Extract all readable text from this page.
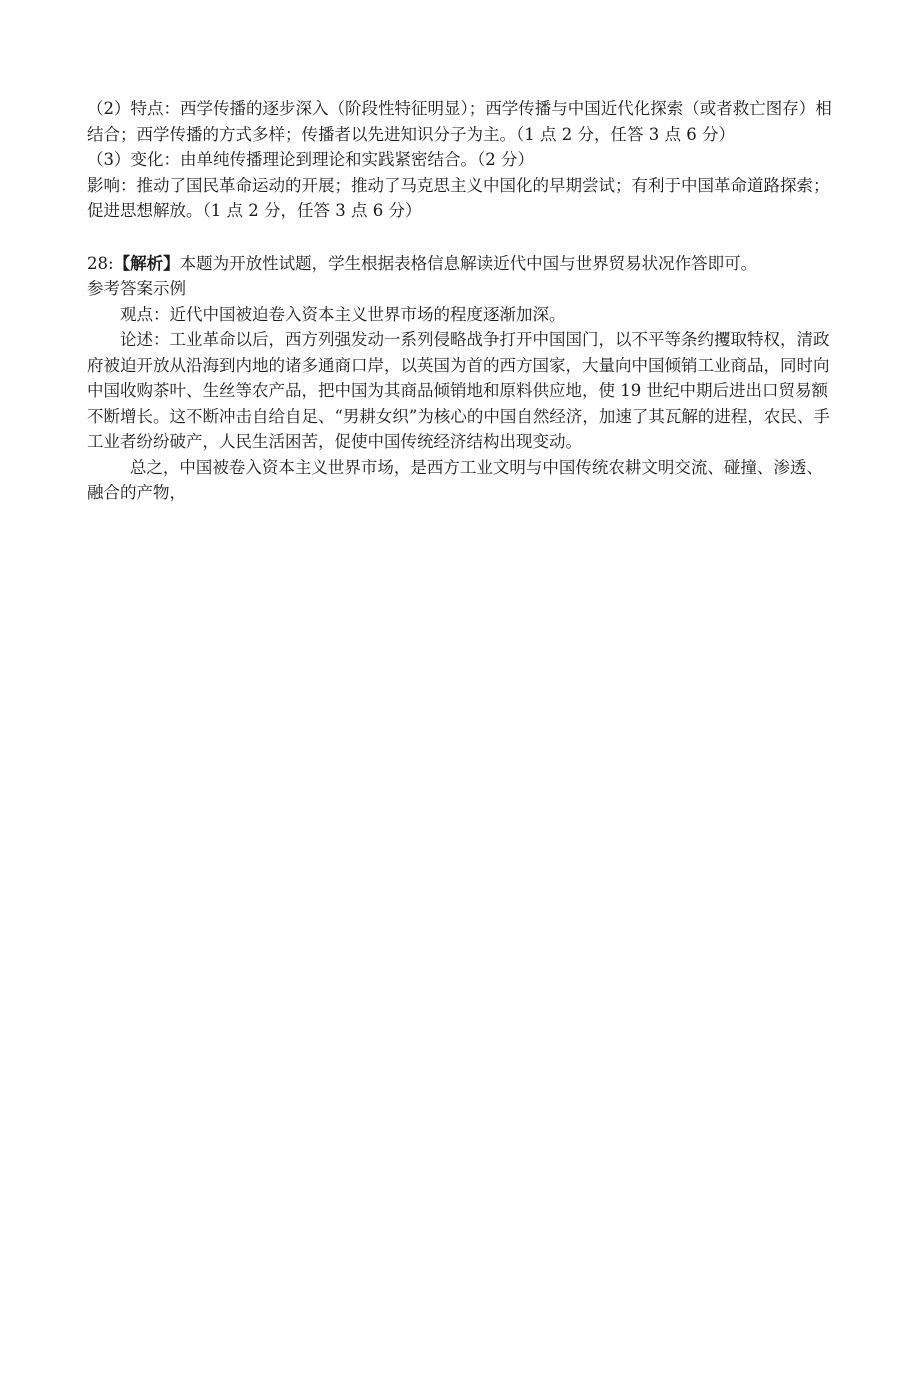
（2）特点：西学传播的逐步深入（阶段性特征明显）；西学传播与中国近代化探索（或者救亡图存）相结合；西学传播的方式多样；传播者以先进知识分子为主。（1 点 2 分，任答 3 点 6 分）

（3）变化：由单纯传播理论到理论和实践紧密结合。（2 分）

影响：推动了国民革命运动的开展；推动了马克思主义中国化的早期尝试；有利于中国革命道路探索；促进思想解放。（1 点 2 分，任答 3 点 6 分）

28:【解析】本题为开放性试题，学生根据表格信息解读近代中国与世界贸易状况作答即可。

参考答案示例

观点：近代中国被迫卷入资本主义世界市场的程度逐渐加深。

论述：工业革命以后，西方列强发动一系列侵略战争打开中国国门，以不平等条约攫取特权，清政府被迫开放从沿海到内地的诸多通商口岸，以英国为首的西方国家，大量向中国倾销工业商品，同时向中国收购茶叶、生丝等农产品，把中国为其商品倾销地和原料供应地，使 19 世纪中期后进出口贸易额不断增长。这不断冲击自给自足、“男耕女织”为核心的中国自然经济，加速了其瓦解的进程，农民、手工业者纷纷破产，人民生活困苦，促使中国传统经济结构出现变动。

总之，中国被卷入资本主义世界市场，是西方工业文明与中国传统农耕文明交流、碰撞、渗透、融合的产物，
